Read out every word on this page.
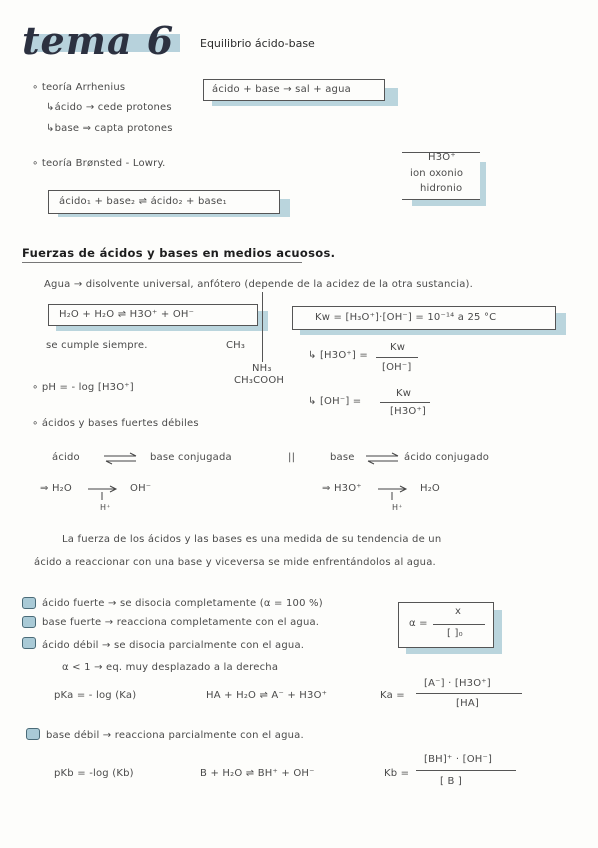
tema 6 Equilibrio ácido-base
∘ teoría Arrhenius
↳ácido → cede protones
↳base ⇒ capta protones
ácido + base → sal + agua
∘ teoría Brønsted - Lowry.
ácido₁ + base₂ ⇌ ácido₂ + base₁
H3O⁺
ion oxonio
hidronio
Fuerzas de ácidos y bases en medios acuosos.
Agua → disolvente universal, anfótero (depende de la acidez de la otra sustancia).
H₂O + H₂O ⇌ H3O⁺ + OH⁻
se cumple siempre.	CH₃
NH₃
CH₃COOH
Kw = [H₃O⁺]·[OH⁻] = 10⁻¹⁴ a 25 °C
↳ [H3O⁺] =
Kw
[OH⁻]
↳ [OH⁻] =
Kw
[H3O⁺]
∘ pH = - log [H3O⁺]
∘ ácidos y bases fuertes débiles
ácido ⇌ base conjugada	||	base ⇌ ácido conjugado
⇒ H₂O	OH⁻
H⁺
⇒ H3O⁺	H₂O
H⁺
La fuerza de los ácidos y las bases es una medida de su tendencia de un
ácido a reaccionar con una base y viceversa se mide enfrentándolos al agua.
ácido fuerte → se disocia completamente (α = 100 %)
base fuerte → reacciona completamente con el agua.
ácido débil → se disocia parcialmente con el agua.
α < 1 → eq. muy desplazado a la derecha
α =
x
[ ]₀
pKa = - log (Ka)	HA + H₂O ⇌ A⁻ + H3O⁺	Ka =
[A⁻] · [H3O⁺]
[HA]
base débil → reacciona parcialmente con el agua.
pKb = -log (Kb)	B + H₂O ⇌ BH⁺ + OH⁻	Kb =
[BH]⁺ · [OH⁻]
[ B ]
